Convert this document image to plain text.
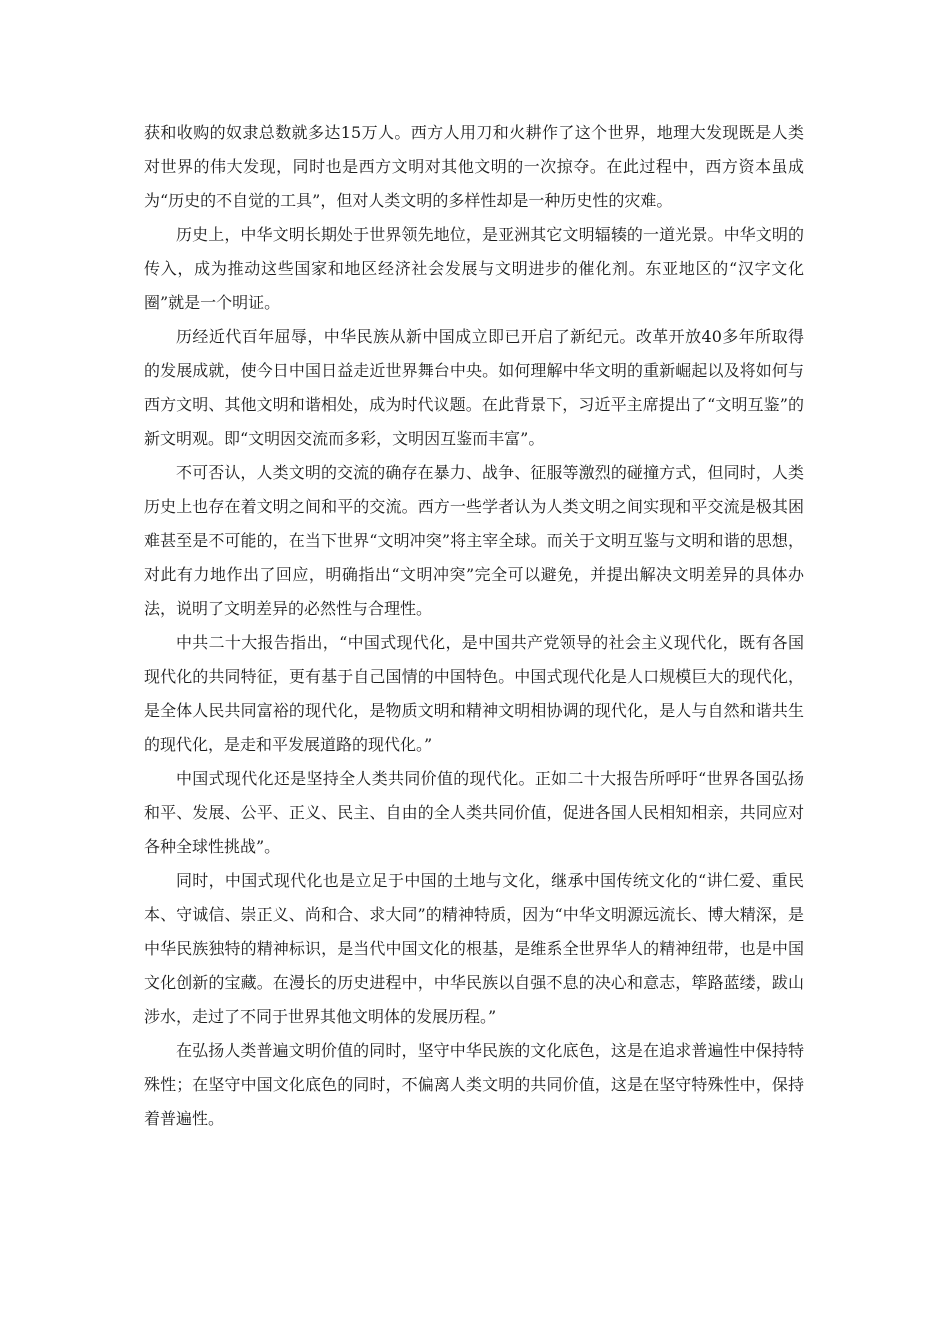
获和收购的奴隶总数就多达15万人。西方人用刀和火耕作了这个世界，地理大发现既是人类对世界的伟大发现，同时也是西方文明对其他文明的一次掠夺。在此过程中，西方资本虽成为“历史的不自觉的工具”，但对人类文明的多样性却是一种历史性的灾难。

历史上，中华文明长期处于世界领先地位，是亚洲其它文明辐辏的一道光景。中华文明的传入，成为推动这些国家和地区经济社会发展与文明进步的催化剂。东亚地区的“汉字文化圈”就是一个明证。

历经近代百年屈辱，中华民族从新中国成立即已开启了新纪元。改革开放40多年所取得的发展成就，使今日中国日益走近世界舞台中央。如何理解中华文明的重新崛起以及将如何与西方文明、其他文明和谐相处，成为时代议题。在此背景下，习近平主席提出了“文明互鉴”的新文明观。即“文明因交流而多彩，文明因互鉴而丰富”。

不可否认，人类文明的交流的确存在暴力、战争、征服等激烈的碰撞方式，但同时，人类历史上也存在着文明之间和平的交流。西方一些学者认为人类文明之间实现和平交流是极其困难甚至是不可能的，在当下世界“文明冲突”将主宰全球。而关于文明互鉴与文明和谐的思想，对此有力地作出了回应，明确指出“文明冲突”完全可以避免，并提出解决文明差异的具体办法，说明了文明差异的必然性与合理性。

中共二十大报告指出，“中国式现代化，是中国共产党领导的社会主义现代化，既有各国现代化的共同特征，更有基于自己国情的中国特色。中国式现代化是人口规模巨大的现代化，是全体人民共同富裕的现代化，是物质文明和精神文明相协调的现代化，是人与自然和谐共生的现代化，是走和平发展道路的现代化。”

中国式现代化还是坚持全人类共同价值的现代化。正如二十大报告所呼吁“世界各国弘扬和平、发展、公平、正义、民主、自由的全人类共同价值，促进各国人民相知相亲，共同应对各种全球性挑战”。

同时，中国式现代化也是立足于中国的土地与文化，继承中国传统文化的“讲仁爱、重民本、守诚信、崇正义、尚和合、求大同”的精神特质，因为“中华文明源远流长、博大精深，是中华民族独特的精神标识，是当代中国文化的根基，是维系全世界华人的精神纽带，也是中国文化创新的宝藏。在漫长的历史进程中，中华民族以自强不息的决心和意志，筚路蓝缕，跋山涉水，走过了不同于世界其他文明体的发展历程。”

在弘扬人类普遍文明价值的同时，坚守中华民族的文化底色，这是在追求普遍性中保持特殊性；在坚守中国文化底色的同时，不偏离人类文明的共同价值，这是在坚守特殊性中，保持着普遍性。
